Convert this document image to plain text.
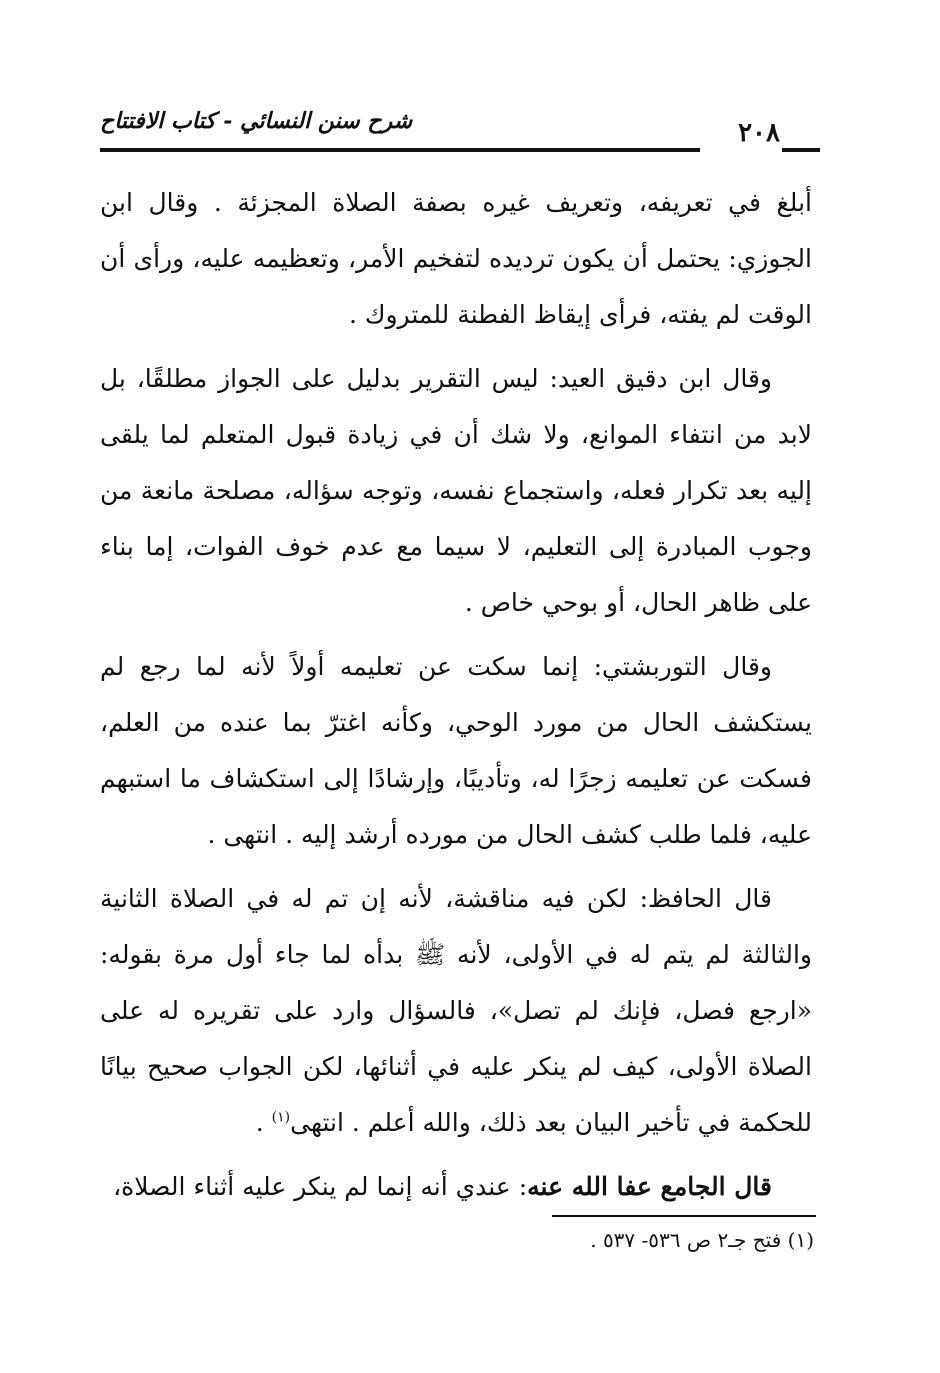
شرح سنن النسائي - كتاب الافتتاح	٢٠٨

أبلغ في تعريفه، وتعريف غيره بصفة الصلاة المجزئة . وقال ابن الجوزي: يحتمل أن يكون ترديده لتفخيم الأمر، وتعظيمه عليه، ورأى أن الوقت لم يفته، فرأى إيقاظ الفطنة للمتروك .

وقال ابن دقيق العيد: ليس التقرير بدليل على الجواز مطلقًا، بل لابد من انتفاء الموانع، ولا شك أن في زيادة قبول المتعلم لما يلقى إليه بعد تكرار فعله، واستجماع نفسه، وتوجه سؤاله، مصلحة مانعة من وجوب المبادرة إلى التعليم، لا سيما مع عدم خوف الفوات، إما بناء على ظاهر الحال، أو بوحي خاص .

وقال التوربشتي: إنما سكت عن تعليمه أولاً لأنه لما رجع لم يستكشف الحال من مورد الوحي، وكأنه اغترّ بما عنده من العلم، فسكت عن تعليمه زجرًا له، وتأديبًا، وإرشادًا إلى استكشاف ما استبهم عليه، فلما طلب كشف الحال من مورده أرشد إليه . انتهى .

قال الحافظ: لكن فيه مناقشة، لأنه إن تم له في الصلاة الثانية والثالثة لم يتم له في الأولى، لأنه ﷺ بدأه لما جاء أول مرة بقوله: «ارجع فصل، فإنك لم تصل»، فالسؤال وارد على تقريره له على الصلاة الأولى، كيف لم ينكر عليه في أثنائها، لكن الجواب صحيح بيانًا للحكمة في تأخير البيان بعد ذلك، والله أعلم . انتهى$^{(١)}$ .

قال الجامع عفا الله عنه: عندي أنه إنما لم ينكر عليه أثناء الصلاة،

(١) فتح جـ٢ ص ٥٣٦- ٥٣٧ .
